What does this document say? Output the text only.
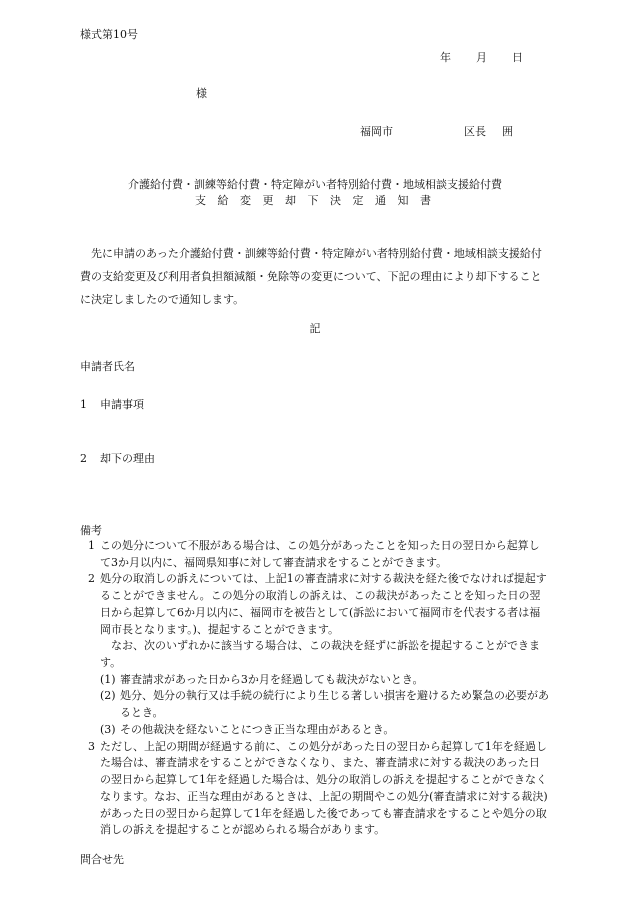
様式第10号
年 月 日
様
福岡市	区長 囲
介護給付費・訓練等給付費・特定障がい者特別給付費・地域相談支援給付費
支 給 変 更 却 下 決 定 通 知 書
先に申請のあった介護給付費・訓練等給付費・特定障がい者特別給付費・地域相談支援給付費の支給変更及び利用者負担額減額・免除等の変更について、下記の理由により却下することに決定しましたので通知します。
記
申請者氏名
1 申請事項
2 却下の理由
備考

1 この処分について不服がある場合は、この処分があったことを知った日の翌日から起算して3か月以内に、福岡県知事に対して審査請求をすることができます。

2 処分の取消しの訴えについては、上記1の審査請求に対する裁決を経た後でなければ提起することができません。この処分の取消しの訴えは、この裁決があったことを知った日の翌日から起算して6か月以内に、福岡市を被告として(訴訟において福岡市を代表する者は福岡市長となります。)、提起することができます。

なお、次のいずれかに該当する場合は、この裁決を経ずに訴訟を提起することができます。

(1) 審査請求があった日から3か月を経過しても裁決がないとき。

(2) 処分、処分の執行又は手続の続行により生じる著しい損害を避けるため緊急の必要があるとき。

(3) その他裁決を経ないことにつき正当な理由があるとき。

3 ただし、上記の期間が経過する前に、この処分があった日の翌日から起算して1年を経過した場合は、審査請求をすることができなくなり、また、審査請求に対する裁決のあった日の翌日から起算して1年を経過した場合は、処分の取消しの訴えを提起することができなくなります。なお、正当な理由があるときは、上記の期間やこの処分(審査請求に対する裁決)があった日の翌日から起算して1年を経過した後であっても審査請求をすることや処分の取消しの訴えを提起することが認められる場合があります。

問合せ先
